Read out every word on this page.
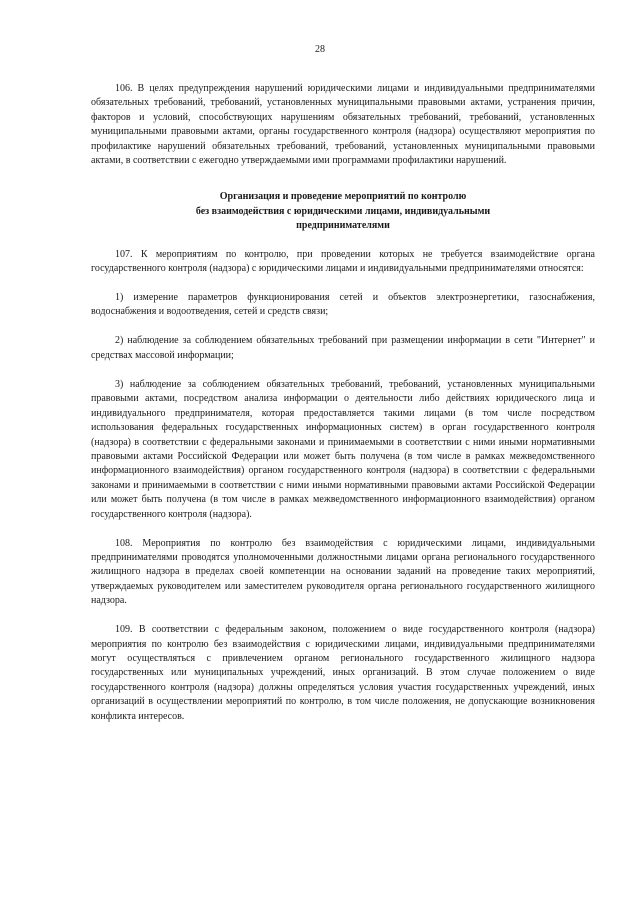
28

106. В целях предупреждения нарушений юридическими лицами и индивидуальными предпринимателями обязательных требований, требований, установленных муниципальными правовыми актами, устранения причин, факторов и условий, способствующих нарушениям обязательных требований, требований, установленных муниципальными правовыми актами, органы государственного контроля (надзора) осуществляют мероприятия по профилактике нарушений обязательных требований, требований, установленных муниципальными правовыми актами, в соответствии с ежегодно утверждаемыми ими программами профилактики нарушений.

Организация и проведение мероприятий по контролю

без взаимодействия с юридическими лицами, индивидуальными

предпринимателями

107. К мероприятиям по контролю, при проведении которых не требуется взаимодействие органа государственного контроля (надзора) с юридическими лицами и индивидуальными предпринимателями относятся:

1) измерение параметров функционирования сетей и объектов электроэнергетики, газоснабжения, водоснабжения и водоотведения, сетей и средств связи;

2) наблюдение за соблюдением обязательных требований при размещении информации в сети "Интернет" и средствах массовой информации;

3) наблюдение за соблюдением обязательных требований, требований, установленных муниципальными правовыми актами, посредством анализа информации о деятельности либо действиях юридического лица и индивидуального предпринимателя, которая предоставляется такими лицами (в том числе посредством использования федеральных государственных информационных систем) в орган государственного контроля (надзора) в соответствии с федеральными законами и принимаемыми в соответствии с ними иными нормативными правовыми актами Российской Федерации или может быть получена (в том числе в рамках межведомственного информационного взаимодействия) органом государственного контроля (надзора) в соответствии с федеральными законами и принимаемыми в соответствии с ними иными нормативными правовыми актами Российской Федерации или может быть получена (в том числе в рамках межведомственного информационного взаимодействия) органом государственного контроля (надзора).

108. Мероприятия по контролю без взаимодействия с юридическими лицами, индивидуальными предпринимателями проводятся уполномоченными должностными лицами органа регионального государственного жилищного надзора в пределах своей компетенции на основании заданий на проведение таких мероприятий, утверждаемых руководителем или заместителем руководителя органа регионального государственного жилищного надзора.

109. В соответствии с федеральным законом, положением о виде государственного контроля (надзора) мероприятия по контролю без взаимодействия с юридическими лицами, индивидуальными предпринимателями могут осуществляться с привлечением органом регионального государственного жилищного надзора государственных или муниципальных учреждений, иных организаций. В этом случае положением о виде государственного контроля (надзора) должны определяться условия участия государственных учреждений, иных организаций в осуществлении мероприятий по контролю, в том числе положения, не допускающие возникновения конфликта интересов.
